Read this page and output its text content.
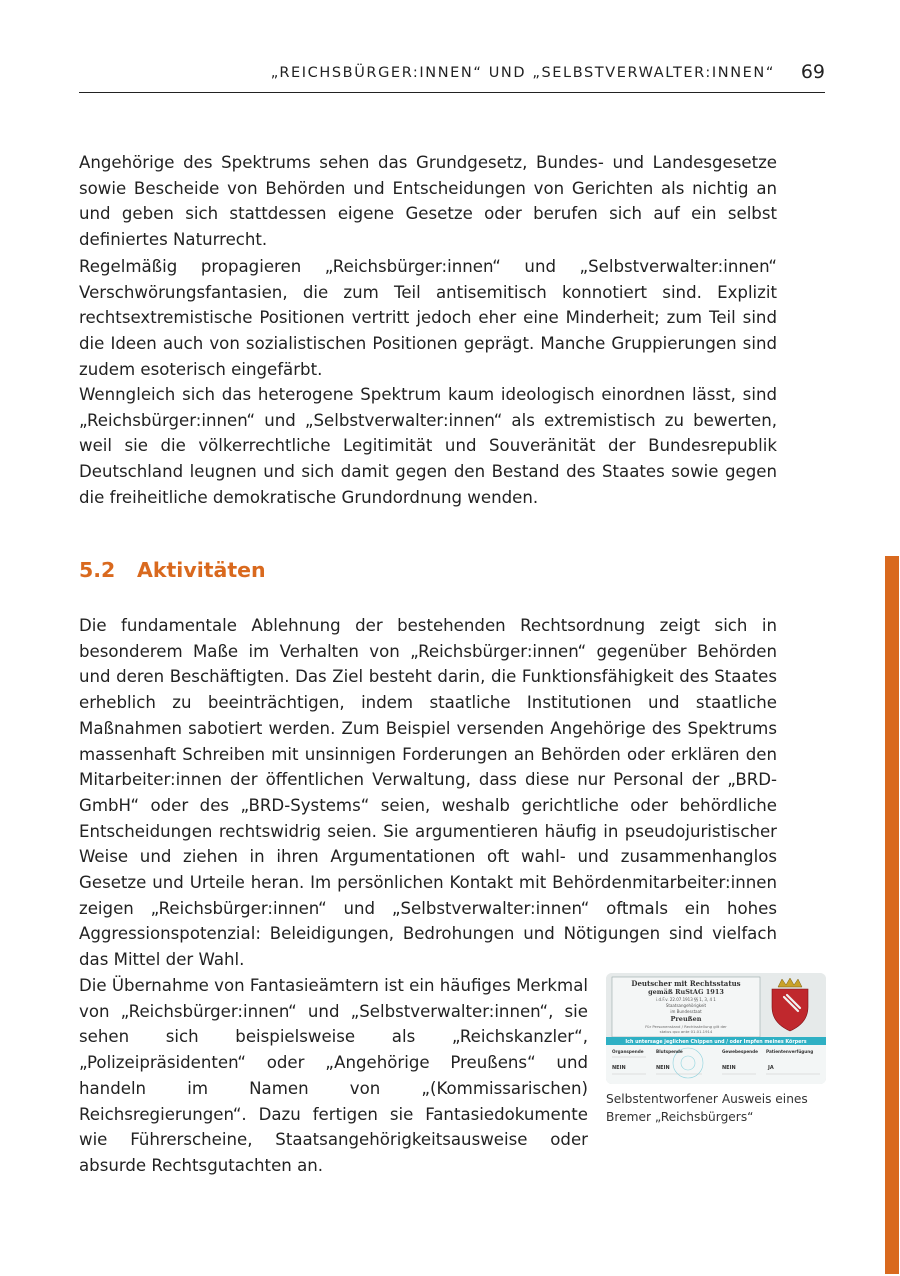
„REICHSBÜRGER:INNEN“ UND „SELBSTVERWALTER:INNEN“ 69

Angehörige des Spektrums sehen das Grundgesetz, Bundes- und Landesgesetze sowie Bescheide von Behörden und Entscheidungen von Gerichten als nichtig an und geben sich stattdessen eigene Gesetze oder berufen sich auf ein selbst definiertes Naturrecht.

Regelmäßig propagieren „Reichsbürger:innen“ und „Selbstverwalter:innen“ Verschwörungsfantasien, die zum Teil antisemitisch konnotiert sind. Explizit rechtsextremistische Positionen vertritt jedoch eher eine Minderheit; zum Teil sind die Ideen auch von sozialistischen Positionen geprägt. Manche Gruppierungen sind zudem esoterisch eingefärbt.

Wenngleich sich das heterogene Spektrum kaum ideologisch einordnen lässt, sind „Reichsbürger:innen“ und „Selbstverwalter:innen“ als extremistisch zu bewerten, weil sie die völkerrechtliche Legitimität und Souveränität der Bundesrepublik Deutschland leugnen und sich damit gegen den Bestand des Staates sowie gegen die freiheitliche demokratische Grundordnung wenden.

5.2 Aktivitäten

Die fundamentale Ablehnung der bestehenden Rechtsordnung zeigt sich in besonderem Maße im Verhalten von „Reichsbürger:innen“ gegenüber Behörden und deren Beschäftigten. Das Ziel besteht darin, die Funktionsfähigkeit des Staates erheblich zu beeinträchtigen, indem staatliche Institutionen und staatliche Maßnahmen sabotiert werden. Zum Beispiel versenden Angehörige des Spektrums massenhaft Schreiben mit unsinnigen Forderungen an Behörden oder erklären den Mitarbeiter:innen der öffentlichen Verwaltung, dass diese nur Personal der „BRD-GmbH“ oder des „BRD-Systems“ seien, weshalb gerichtliche oder behördliche Entscheidungen rechtswidrig seien. Sie argumentieren häufig in pseudojuristischer Weise und ziehen in ihren Argumentationen oft wahl- und zusammenhanglos Gesetze und Urteile heran. Im persönlichen Kontakt mit Behördenmitarbeiter:innen zeigen „Reichsbürger:innen“ und „Selbstverwalter:innen“ oftmals ein hohes Aggressionspotenzial: Beleidigungen, Bedrohungen und Nötigungen sind vielfach das Mittel der Wahl.

Die Übernahme von Fantasieämtern ist ein häufiges Merkmal von „Reichsbürger:innen“ und „Selbstverwalter:innen“, sie sehen sich beispielsweise als „Reichskanzler“, „Polizeipräsidenten“ oder „Angehörige Preußens“ und handeln im Namen von „(Kommissarischen) Reichsregierungen“. Dazu fertigen sie Fantasiedokumente wie Führerscheine, Staatsangehörigkeitsausweise oder absurde Rechtsgutachten an.

Deutscher mit Rechtsstatus
gemäß RuStAG 1913
i.d.F.v. 22.07.1913 §§ 1, 3, 4 1
Staatsangehörigkeit
im Bundesstaat
Preußen
Für Personenstand / Rechtsstellung gilt der
status quo ante 01.01.1914
Ich untersage jeglichen Chippen und / oder Impfen meines Körpers
Organspende	Blutspende	Gewebespende Patientenverfügung
NEIN	NEIN	NEIN	JA

Selbstentworfener Ausweis eines Bremer „Reichsbürgers“
